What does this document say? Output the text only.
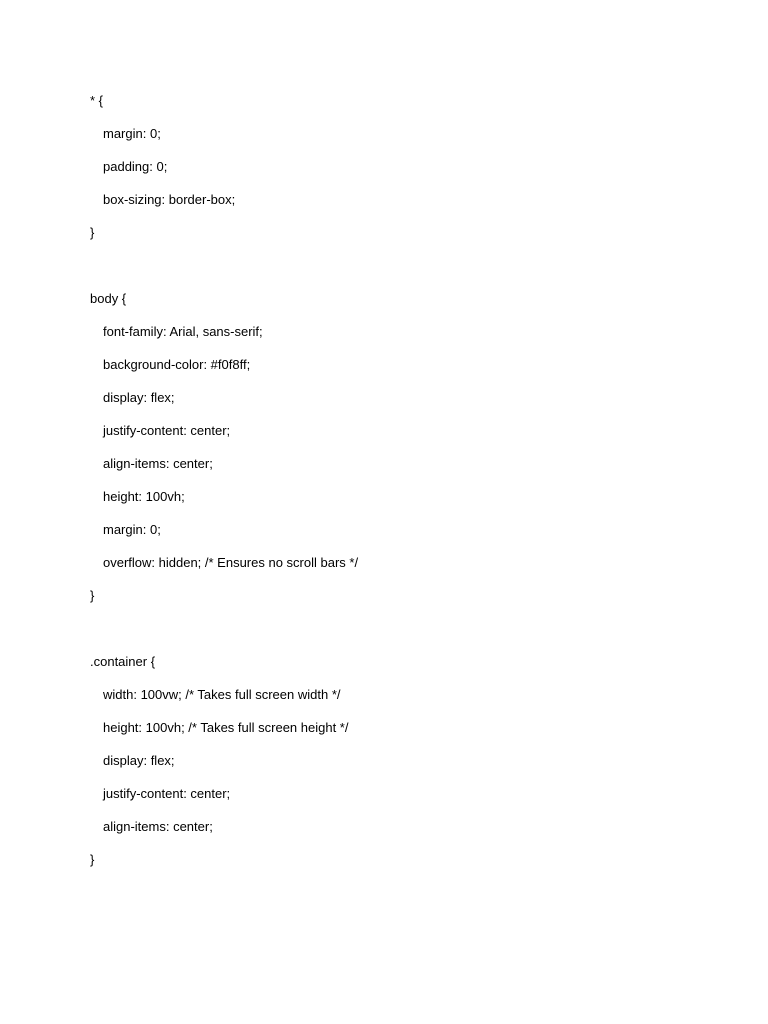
* {
margin: 0;
padding: 0;
box-sizing: border-box;
}
body {
font-family: Arial, sans-serif;
background-color: #f0f8ff;
display: flex;
justify-content: center;
align-items: center;
height: 100vh;
margin: 0;
overflow: hidden; /* Ensures no scroll bars */
}
.container {
width: 100vw; /* Takes full screen width */
height: 100vh; /* Takes full screen height */
display: flex;
justify-content: center;
align-items: center;
}
